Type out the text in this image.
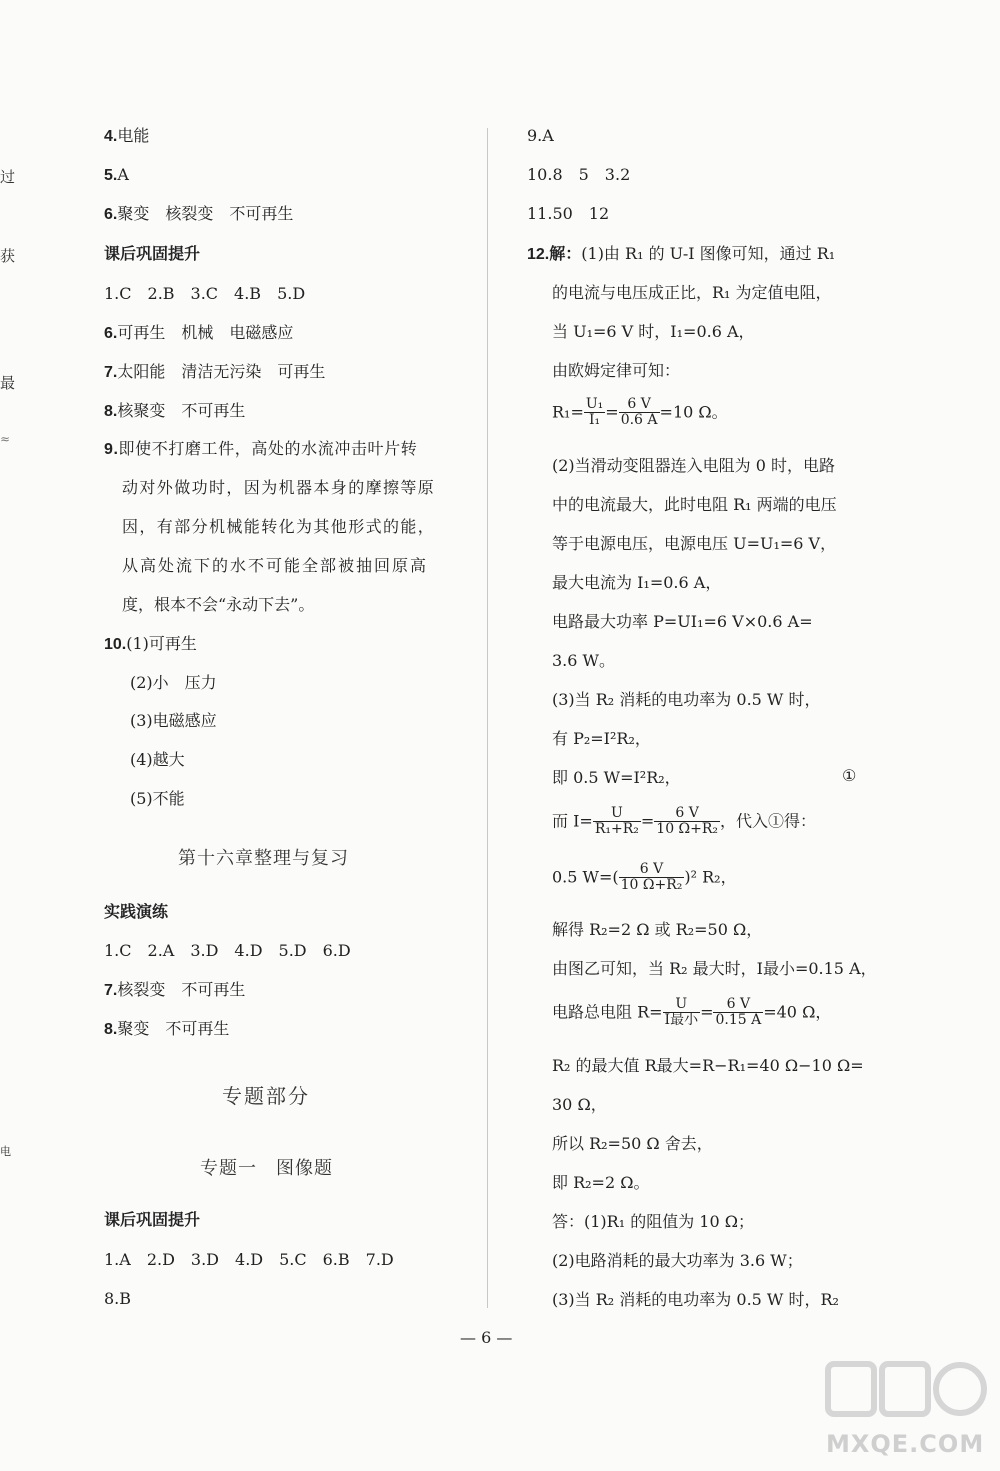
过
获
最
≈
电
4.电能
5.A
6.聚变　核裂变　不可再生
课后巩固提升
1.C　2.B　3.C　4.B　5.D
6.可再生　机械　电磁感应
7.太阳能　清洁无污染　可再生
8.核聚变　不可再生
9.即使不打磨工件，高处的水流冲击叶片转
动对外做功时，因为机器本身的摩擦等原
因，有部分机械能转化为其他形式的能，
从高处流下的水不可能全部被抽回原高
度，根本不会“永动下去”。
10.(1)可再生
(2)小　压力
(3)电磁感应
(4)越大
(5)不能
第十六章整理与复习
实践演练
1.C　2.A　3.D　4.D　5.D　6.D
7.核裂变　不可再生
8.聚变　不可再生
专题部分
专题一　图像题
课后巩固提升
1.A　2.D　3.D　4.D　5.C　6.B　7.D
8.B
9.A
10.8　5　3.2
11.50　12
12.解：(1)由 R₁ 的 U-I 图像可知，通过 R₁
的电流与电压成正比，R₁ 为定值电阻，
当 U₁=6 V 时，I₁=0.6 A，
由欧姆定律可知：
$R_1= \frac{\text{U₁}}{\text{I₁}} = \frac{6 V}{0.6 A} =10$ Ω。
(2)当滑动变阻器连入电阻为 0 时，电路
中的电流最大，此时电阻 R₁ 两端的电压
等于电源电压，电源电压 U=U₁=6 V，
最大电流为 I₁=0.6 A，
电路最大功率 P=UI₁=6 V×0.6 A=
3.6 W。
(3)当 R₂ 消耗的电功率为 0.5 W 时，
有 P₂=I²R₂，
即 0.5 W=I²R₂，	①
而 $I= \frac{U}{\text{R₁+R₂}} = \frac{6 V}{\text{10 Ω+R₂}}$ ，代入①得：
0.5 $W=( \frac{6 V}{\text{10 Ω+R₂}} )^2$ R₂，
解得 R₂=2 Ω 或 R₂=50 Ω，
由图乙可知，当 R₂ 最大时，I最小=0.15 A，
电路总电阻 $R= \frac{U}{\text{I最小}} = \frac{6 V}{0.15 A} =40$ Ω，
R₂ 的最大值 R最大=R−R₁=40 Ω−10 Ω=
30 Ω，
所以 R₂=50 Ω 舍去，
即 R₂=2 Ω。
答：(1)R₁ 的阻值为 10 Ω；
(2)电路消耗的最大功率为 3.6 W；
(3)当 R₂ 消耗的电功率为 0.5 W 时，R₂
— 6 —
MXQE.COM
